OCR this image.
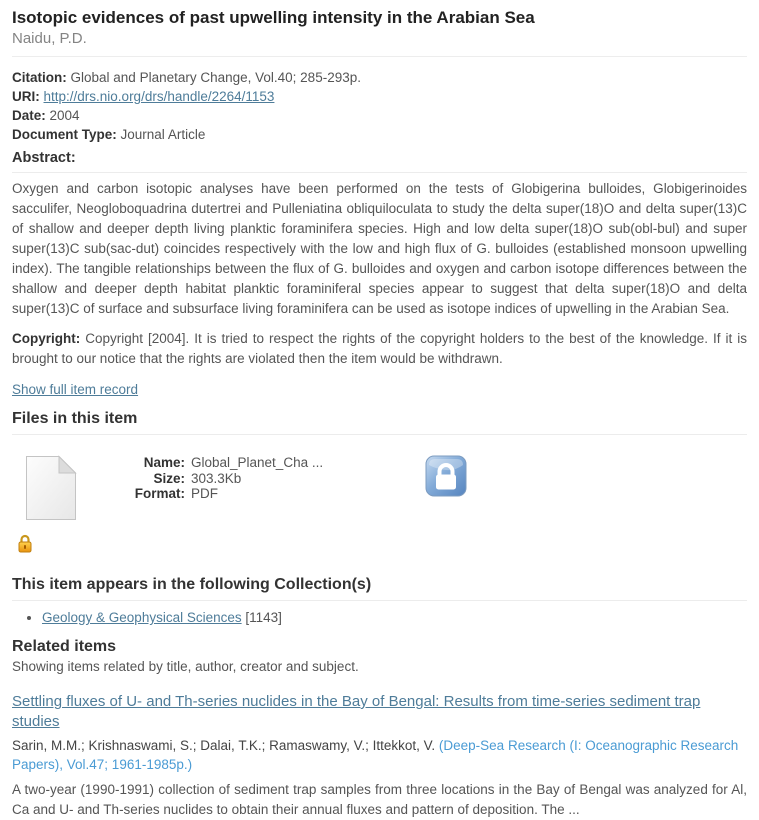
Isotopic evidences of past upwelling intensity in the Arabian Sea
Naidu, P.D.

Citation: Global and Planetary Change, Vol.40; 285-293p.

URI: http://drs.nio.org/drs/handle/2264/1153

Date: 2004

Document Type: Journal Article

Abstract:

Oxygen and carbon isotopic analyses have been performed on the tests of Globigerina bulloides, Globigerinoides sacculifer, Neogloboquadrina dutertrei and Pulleniatina obliquiloculata to study the delta super(18)O and delta super(13)C of shallow and deeper depth living planktic foraminifera species. High and low delta super(18)O sub(obl-bul) and super super(13)C sub(sac-dut) coincides respectively with the low and high flux of G. bulloides (established monsoon upwelling index). The tangible relationships between the flux of G. bulloides and oxygen and carbon isotope differences between the shallow and deeper depth habitat planktic foraminiferal species appear to suggest that delta super(18)O and delta super(13)C of surface and subsurface living foraminifera can be used as isotope indices of upwelling in the Arabian Sea.

Copyright: Copyright [2004]. It is tried to respect the rights of the copyright holders to the best of the knowledge. If it is brought to our notice that the rights are violated then the item would be withdrawn.

Show full item record

Files in this item
Name: Global_Planet_Cha ...
Size: 303.3Kb
Format: PDF
This item appears in the following Collection(s)
• Geology & Geophysical Sciences [1143]
Related items

Showing items related by title, author, creator and subject.

Settling fluxes of U- and Th-series nuclides in the Bay of Bengal: Results from time-series sediment trap studies

Sarin, M.M.; Krishnaswami, S.; Dalai, T.K.; Ramaswamy, V.; Ittekkot, V. (Deep-Sea Research (I: Oceanographic Research Papers), Vol.47; 1961-1985p.)

A two-year (1990-1991) collection of sediment trap samples from three locations in the Bay of Bengal was analyzed for Al, Ca and U- and Th-series nuclides to obtain their annual fluxes and pattern of deposition. The ...
